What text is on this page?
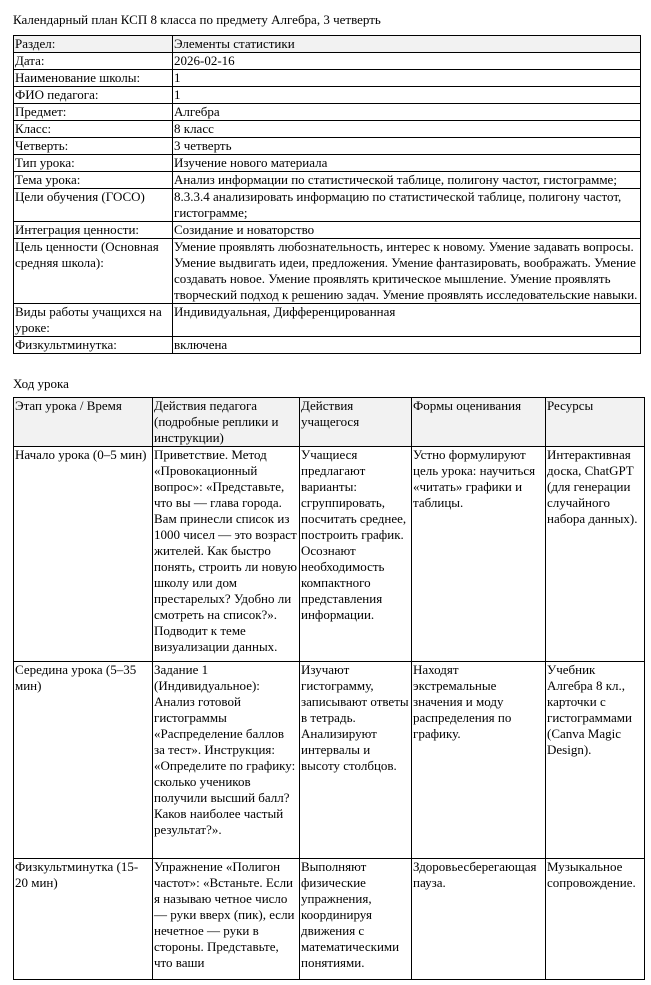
Календарный план КСП 8 класса по предмету Алгебра, 3 четверть
Раздел:	Элементы статистики
Дата:	2026-02-16
Наименование школы:	1
ФИО педагога:	1
Предмет:	Алгебра
Класс:	8 класс
Четверть:	3 четверть
Тип урока:	Изучение нового материала
Тема урока:	Анализ информации по статистической таблице, полигону частот, гистограмме;
Цели обучения (ГОСО)	8.3.3.4 анализировать информацию по статистической таблице, полигону частот, гистограмме;
Интеграция ценности:	Созидание и новаторство
Цель ценности (Основная средняя школа):	Умение проявлять любознательность, интерес к новому. Умение задавать вопросы. Умение выдвигать идеи, предложения. Умение фантазировать, воображать. Умение создавать новое. Умение проявлять критическое мышление. Умение проявлять творческий подход к решению задач. Умение проявлять исследовательские навыки.
Виды работы учащихся на уроке:	Индивидуальная, Дифференцированная
Физкультминутка:	включена
Ход урока
Этап урока / Время	Действия педагога (подробные реплики и инструкции)	Действия учащегося	Формы оценивания	Ресурсы
Начало урока (0–5 мин)	Приветствие. Метод «Провокационный вопрос»: «Представьте, что вы — глава города. Вам принесли список из 1000 чисел — это возраст жителей. Как быстро понять, строить ли новую школу или дом престарелых? Удобно ли смотреть на список?». Подводит к теме визуализации данных.	Учащиеся предлагают варианты: сгруппировать, посчитать среднее, построить график. Осознают необходимость компактного представления информации.	Устно формулируют цель урока: научиться «читать» графики и таблицы.	Интерактивная доска, ChatGPT (для генерации случайного набора данных).
Середина урока (5–35 мин)	Задание 1 (Индивидуальное): Анализ готовой гистограммы «Распределение баллов за тест». Инструкция: «Определите по графику: сколько учеников получили высший балл? Каков наиболее частый результат?».	Изучают гистограмму, записывают ответы в тетрадь. Анализируют интервалы и высоту столбцов.	Находят экстремальные значения и моду распределения по графику.	Учебник Алгебра 8 кл., карточки с гистограммами (Canva Magic Design).
Физкультминутка (15-20 мин)	Упражнение «Полигон частот»: «Встаньте. Если я называю четное число — руки вверх (пик), если нечетное — руки в стороны. Представьте, что ваши	Выполняют физические упражнения, координируя движения с математическими понятиями.	Здоровьесберегающая пауза.	Музыкальное сопровождение.
